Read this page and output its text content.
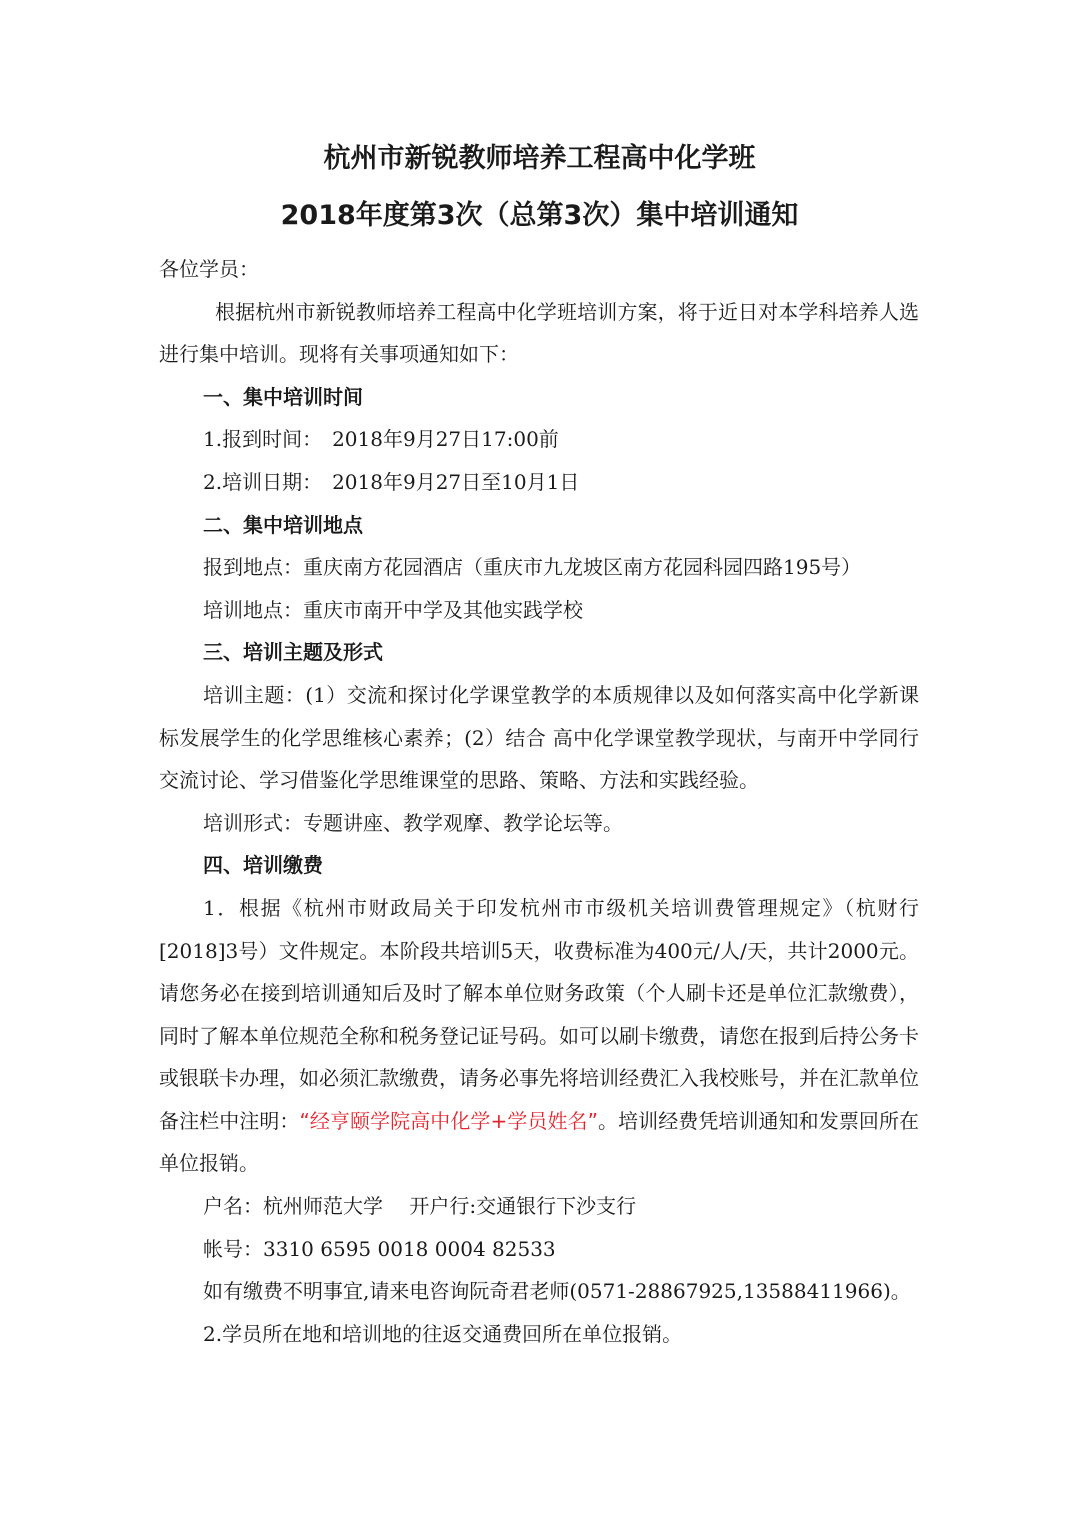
杭州市新锐教师培养工程高中化学班
2018年度第3次（总第3次）集中培训通知

各位学员：

根据杭州市新锐教师培养工程高中化学班培训方案，将于近日对本学科培养人选进行集中培训。现将有关事项通知如下：

一、集中培训时间

1.报到时间：　2018年9月27日17:00前

2.培训日期：　2018年9月27日至10月1日

二、集中培训地点

报到地点：重庆南方花园酒店（重庆市九龙坡区南方花园科园四路195号）

培训地点：重庆市南开中学及其他实践学校

三、培训主题及形式

培训主题：(1）交流和探讨化学课堂教学的本质规律以及如何落实高中化学新课标发展学生的化学思维核心素养；(2）结合 高中化学课堂教学现状，与南开中学同行交流讨论、学习借鉴化学思维课堂的思路、策略、方法和实践经验。

培训形式：专题讲座、教学观摩、教学论坛等。

四、培训缴费

1．根据《杭州市财政局关于印发杭州市市级机关培训费管理规定》（杭财行[2018]3号）文件规定。本阶段共培训5天，收费标准为400元/人/天，共计2000元。请您务必在接到培训通知后及时了解本单位财务政策（个人刷卡还是单位汇款缴费），同时了解本单位规范全称和税务登记证号码。如可以刷卡缴费，请您在报到后持公务卡或银联卡办理，如必须汇款缴费，请务必事先将培训经费汇入我校账号，并在汇款单位备注栏中注明：“经亨颐学院高中化学+学员姓名”。培训经费凭培训通知和发票回所在单位报销。

户名：杭州师范大学　 开户行:交通银行下沙支行

帐号：3310 6595 0018 0004 82533

如有缴费不明事宜,请来电咨询阮奇君老师(0571-28867925,13588411966)。

2.学员所在地和培训地的往返交通费回所在单位报销。
